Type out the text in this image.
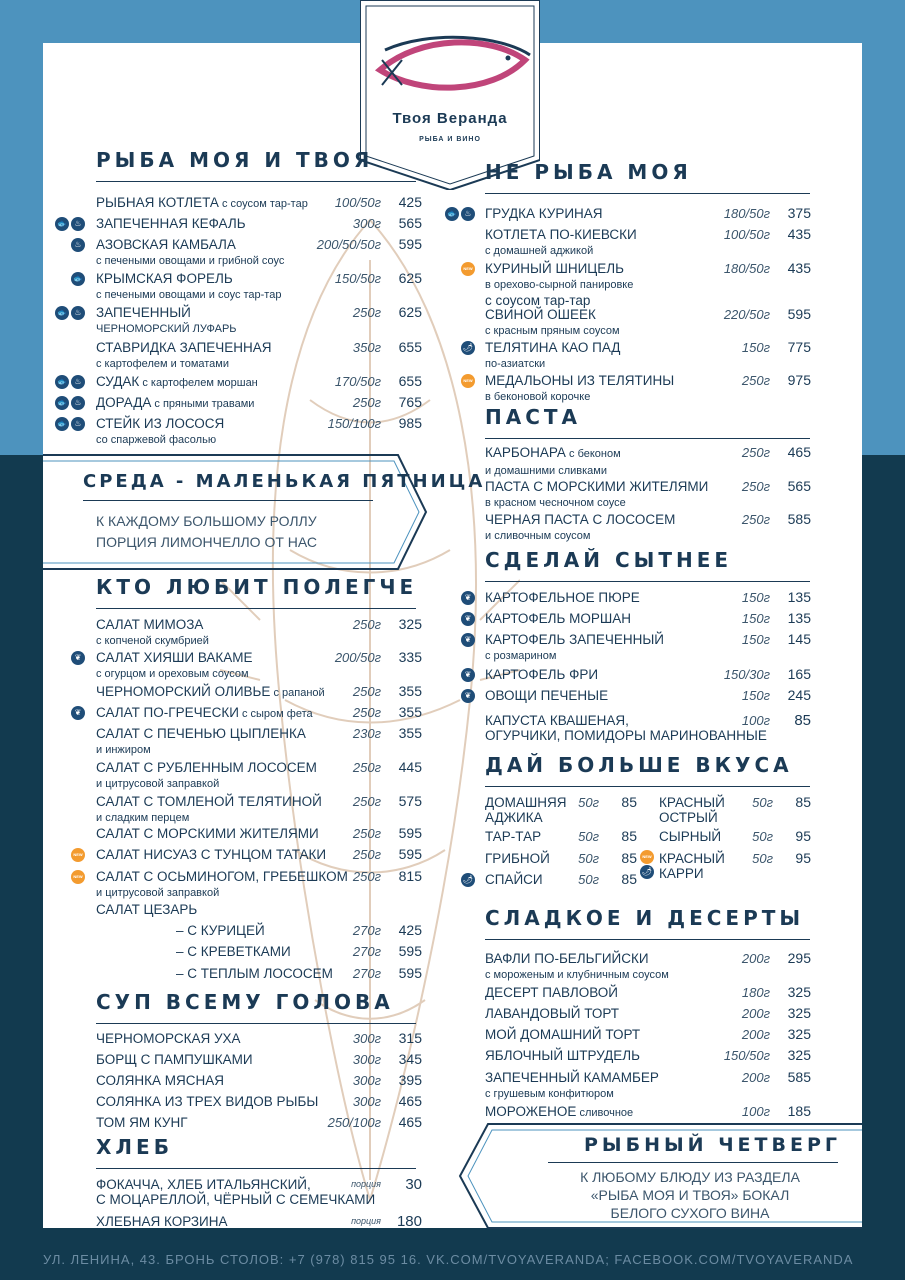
Твоя Веранда
РЫБА И ВИНО
РЫБА МОЯ И ТВОЯ
РЫБНАЯ КОТЛЕТА с соусом тар-тар	100/50г	425
ЗАПЕЧЕННАЯ КЕФАЛЬ	300г	565
🐟 ♨
АЗОВСКАЯ КАМБАЛА
с печеными овощами и грибной соус
200/50/50г	595
♨
КРЫМСКАЯ ФОРЕЛЬ
с печеными овощами и соус тар-тар
150/50г	625
🐟
ЗАПЕЧЕННЫЙ
ЧЕРНОМОРСКИЙ ЛУФАРЬ
250г	625
🐟 ♨
СТАВРИДКА ЗАПЕЧЕННАЯ
с картофелем и томатами
350г	655
СУДАК с картофелем моршан	170/50г	655
🐟 ♨
ДОРАДА с пряными травами	250г	765
🐟 ♨
СТЕЙК ИЗ ЛОСОСЯ
со спаржевой фасолью
150/100г	985
🐟 ♨
КТО ЛЮБИТ ПОЛЕГЧЕ
САЛАТ МИМОЗА
с копченой скумбрией
250г	325
САЛАТ ХИЯШИ ВАКАМЕ
с огурцом и ореховым соусом
200/50г	335
❦
ЧЕРНОМОРСКИЙ ОЛИВЬЕ с рапаной	250г	355
САЛАТ ПО-ГРЕЧЕСКИ с сыром фета	250г	355
❦
САЛАТ С ПЕЧЕНЬЮ ЦЫПЛЕНКА
и инжиром
230г	355
САЛАТ С РУБЛЕННЫМ ЛОСОСЕМ
и цитрусовой заправкой
250г	445
САЛАТ С ТОМЛЕНОЙ ТЕЛЯТИНОЙ
и сладким перцем
250г	575
САЛАТ С МОРСКИМИ ЖИТЕЛЯМИ	250г	595
САЛАТ НИСУАЗ С ТУНЦОМ ТАТАКИ	250г	595
NEW
САЛАТ С ОСЬМИНОГОМ, ГРЕБЕШКОМ
и цитрусовой заправкой
250г	815
NEW
САЛАТ ЦЕЗАРЬ
– С КУРИЦЕЙ	270г	425
– С КРЕВЕТКАМИ	270г	595
– С ТЕПЛЫМ ЛОСОСЕМ	270г	595
СУП ВСЕМУ ГОЛОВА
ЧЕРНОМОРСКАЯ УХА	300г	315
БОРЩ С ПАМПУШКАМИ	300г	345
СОЛЯНКА МЯСНАЯ	300г	395
СОЛЯНКА ИЗ ТРЕХ ВИДОВ РЫБЫ	300г	465
ТОМ ЯМ КУНГ	250/100г	465
ХЛЕБ
ФОКАЧЧА, ХЛЕБ ИТАЛЬЯНСКИЙ,
С МОЦАРЕЛЛОЙ, ЧЁРНЫЙ С СЕМЕЧКАМИ
порция	30
ХЛЕБНАЯ КОРЗИНА	порция	180
НЕ РЫБА МОЯ
ГРУДКА КУРИНАЯ	180/50г	375
🐟 ♨
КОТЛЕТА ПО-КИЕВСКИ
с домашней аджикой
100/50г	435
КУРИНЫЙ ШНИЦЕЛЬ
в орехово-сырной панировке
с соусом тар-тар
180/50г	435
NEW
СВИНОЙ ОШЕЕК
с красным пряным соусом
220/50г	595
ТЕЛЯТИНА КАО ПАД
по-азиатски
150г	775
🌶
МЕДАЛЬОНЫ ИЗ ТЕЛЯТИНЫ
в беконовой корочке
250г	975
NEW
ПАСТА
КАРБОНАРА с беконом
и домашними сливками
250г	465
ПАСТА С МОРСКИМИ ЖИТЕЛЯМИ
в красном чесночном соусе
250г	565
ЧЕРНАЯ ПАСТА С ЛОСОСЕМ
и сливочным соусом
250г	585
СДЕЛАЙ СЫТНЕЕ
КАРТОФЕЛЬНОЕ ПЮРЕ	150г	135
❦
КАРТОФЕЛЬ МОРШАН	150г	135
❦
КАРТОФЕЛЬ ЗАПЕЧЕННЫЙ
с розмарином
150г	145
❦
КАРТОФЕЛЬ ФРИ	150/30г	165
❦
ОВОЩИ ПЕЧЕНЫЕ	150г	245
❦
КАПУСТА КВАШЕНАЯ,
ОГУРЧИКИ, ПОМИДОРЫ МАРИНОВАННЫЕ
100г	85
ДАЙ БОЛЬШЕ ВКУСА
СЛАДКОЕ И ДЕСЕРТЫ
ВАФЛИ ПО-БЕЛЬГИЙСКИ
с мороженым и клубничным соусом
200г	295
ДЕСЕРТ ПАВЛОВОЙ	180г	325
ЛАВАНДОВЫЙ ТОРТ	200г	325
МОЙ ДОМАШНИЙ ТОРТ	200г	325
ЯБЛОЧНЫЙ ШТРУДЕЛЬ	150/50г	325
ЗАПЕЧЕННЫЙ КАМАМБЕР
с грушевым конфитюром
200г	585
МОРОЖЕНОЕ сливочное	100г	185
ДОМАШНЯЯ
АДЖИКА
50г	85
ТАР-ТАР	50г	85
ГРИБНОЙ	50г	85
СПАЙСИ	50г	85
🌶
КРАСНЫЙ
ОСТРЫЙ
50г	85
СЫРНЫЙ	50г	95
КРАСНЫЙ
КАРРИ
50г	95
NEW
🌶
СРЕДА - МАЛЕНЬКАЯ ПЯТНИЦА
К КАЖДОМУ БОЛЬШОМУ РОЛЛУ
ПОРЦИЯ ЛИМОНЧЕЛЛО ОТ НАС
РЫБНЫЙ ЧЕТВЕРГ
К ЛЮБОМУ БЛЮДУ ИЗ РАЗДЕЛА
«РЫБА МОЯ И ТВОЯ» БОКАЛ
БЕЛОГО СУХОГО ВИНА
УЛ. ЛЕНИНА, 43. БРОНЬ СТОЛОВ: +7 (978) 815 95 16. VK.COM/TVOYAVERANDA; FACEBOOK.COM/TVOYAVERANDA
